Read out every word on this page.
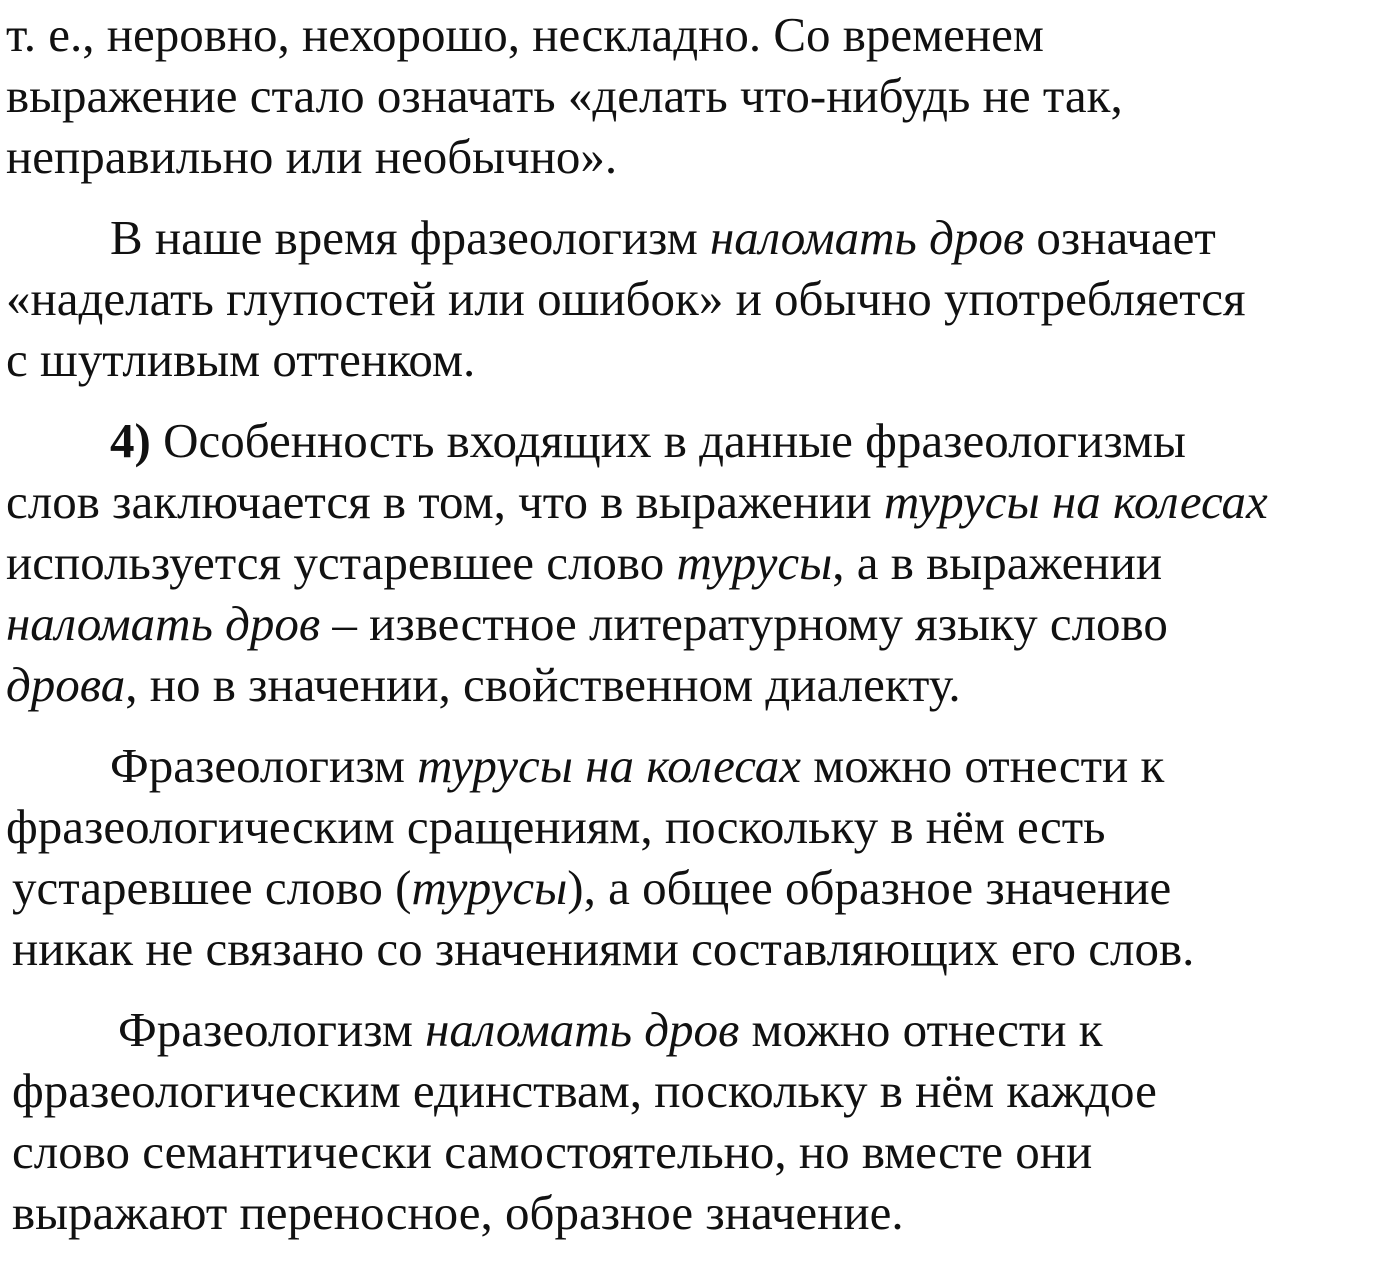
т. е., неровно, нехорошо, нескладно. Со временем
выражение стало означать «делать что-нибудь не так,
неправильно или необычно».
В наше время фразеологизм наломать дров означает
«наделать глупостей или ошибок» и обычно употребляется
с шутливым оттенком.
4) Особенность входящих в данные фразеологизмы
слов заключается в том, что в выражении турусы на колесах
используется устаревшее слово турусы, а в выражении
наломать дров – известное литературному языку слово
дрова, но в значении, свойственном диалекту.
Фразеологизм турусы на колесах можно отнести к
фразеологическим сращениям, поскольку в нём есть
устаревшее слово (турусы), а общее образное значение
никак не связано со значениями составляющих его слов.
Фразеологизм наломать дров можно отнести к
фразеологическим единствам, поскольку в нём каждое
слово семантически самостоятельно, но вместе они
выражают переносное, образное значение.
